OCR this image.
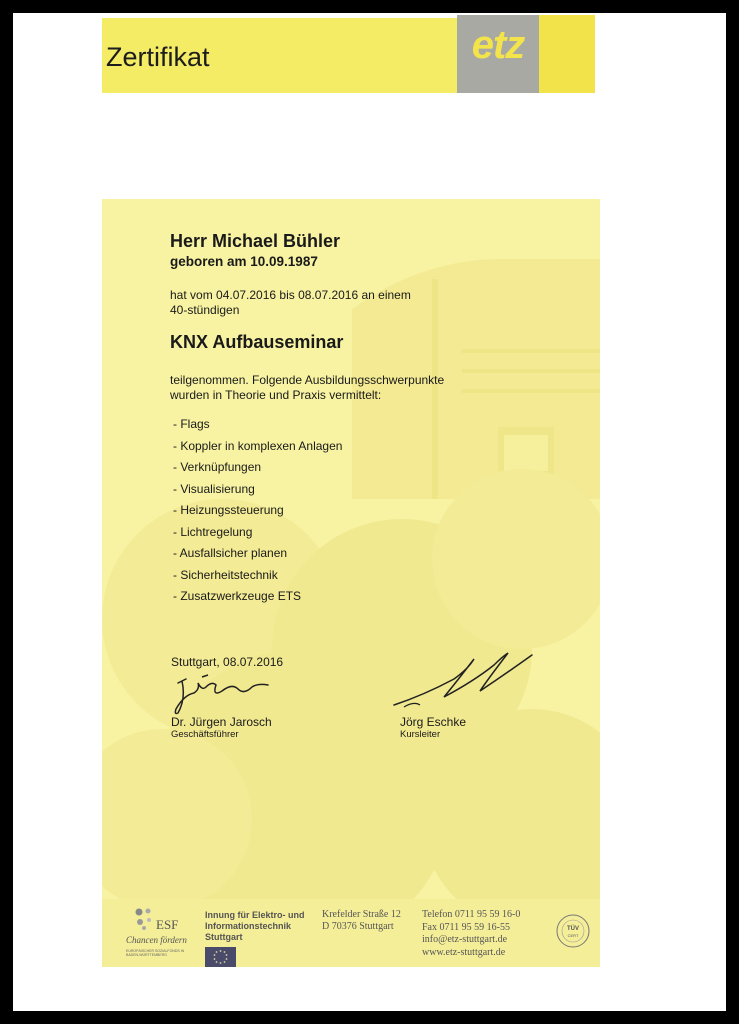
Zertifikat	etz
Herr Michael Bühler
geboren am 10.09.1987
hat vom 04.07.2016 bis 08.07.2016 an einem
40-stündigen
KNX Aufbauseminar
teilgenommen. Folgende Ausbildungsschwerpunkte
wurden in Theorie und Praxis vermittelt:
- Flags
- Koppler in komplexen Anlagen
- Verknüpfungen
- Visualisierung
- Heizungssteuerung
- Lichtregelung
- Ausfallsicher planen
- Sicherheitstechnik
- Zusatzwerkzeuge ETS
Stuttgart, 08.07.2016
Dr. Jürgen Jarosch
Geschäftsführer
Jörg Eschke
Kursleiter
ESF
Chancen fördern
EUROPÄISCHER SOZIALFONDS IN BADEN-WÜRTTEMBERG
Innung für Elektro- und
Informationstechnik
Stuttgart
Krefelder Straße 12
D 70376 Stuttgart
Telefon 0711 95 59 16-0
Fax 0711 95 59 16-55
info@etz-stuttgart.de
www.etz-stuttgart.de
TÜV
CERT
